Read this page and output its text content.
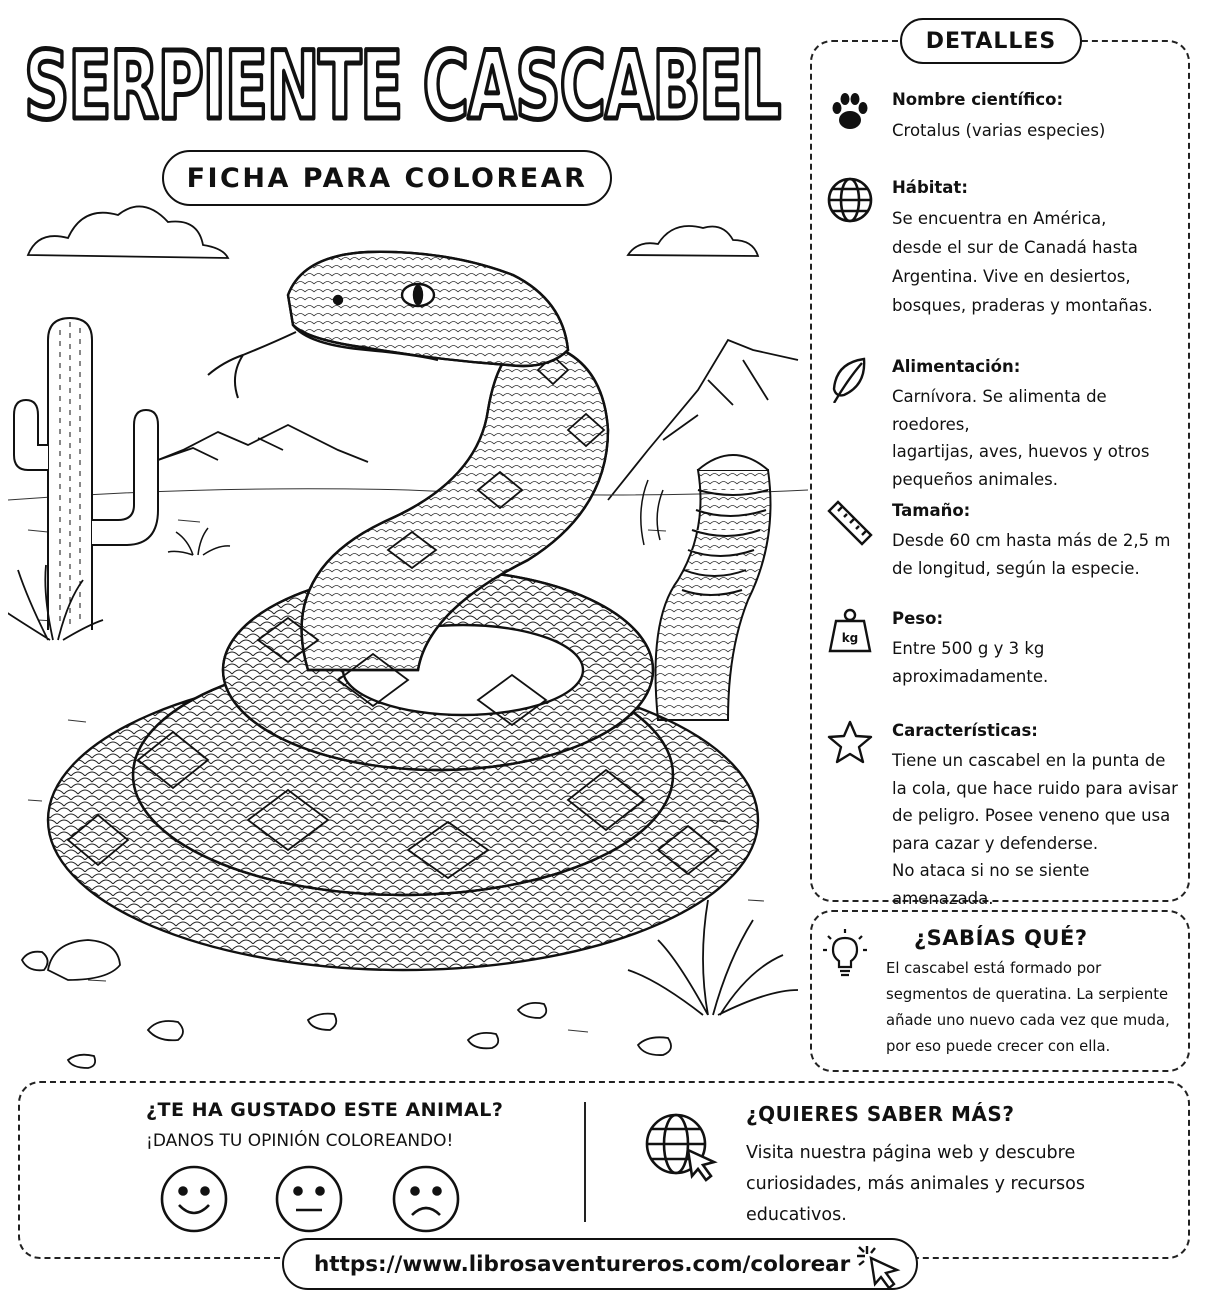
SERPIENTE CASCABEL
FICHA PARA COLOREAR
DETALLES
Nombre científico:
Crotalus (varias especies)
Hábitat:
Se encuentra en América,
desde el sur de Canadá hasta
Argentina. Vive en desiertos,
bosques, praderas y montañas.
Alimentación:
Carnívora. Se alimenta de roedores,
lagartijas, aves, huevos y otros
pequeños animales.
Tamaño:
Desde 60 cm hasta más de 2,5 m
de longitud, según la especie.
kg
Peso:
Entre 500 g y 3 kg
aproximadamente.
Características:
Tiene un cascabel en la punta de
la cola, que hace ruido para avisar
de peligro. Posee veneno que usa
para cazar y defenderse.
No ataca si no se siente amenazada.
¿SABÍAS QUÉ?
El cascabel está formado por
segmentos de queratina. La serpiente
añade uno nuevo cada vez que muda,
por eso puede crecer con ella.
¿TE HA GUSTADO ESTE ANIMAL?
¡DANOS TU OPINIÓN COLOREANDO!
¿QUIERES SABER MÁS?
Visita nuestra página web y descubre
curiosidades, más animales y recursos
educativos.
https://www.librosaventureros.com/colorear
